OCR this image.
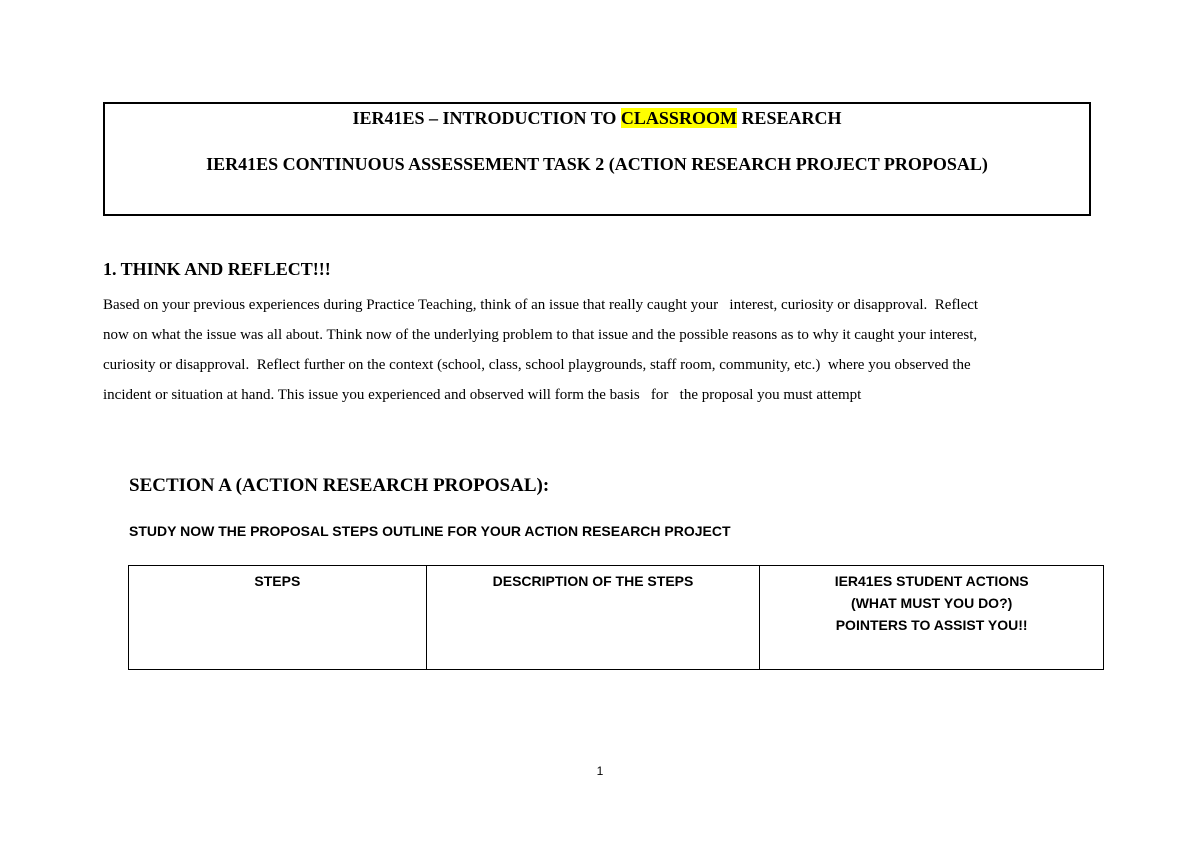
IER41ES – INTRODUCTION TO CLASSROOM RESEARCH
IER41ES CONTINUOUS ASSESSEMENT TASK 2 (ACTION RESEARCH PROJECT PROPOSAL)
1. THINK AND REFLECT!!!
Based on your previous experiences during Practice Teaching, think of an issue that really caught your   interest, curiosity or disapproval.  Reflect
now on what the issue was all about. Think now of the underlying problem to that issue and the possible reasons as to why it caught your interest,
curiosity or disapproval.  Reflect further on the context (school, class, school playgrounds, staff room, community, etc.)  where you observed the
incident or situation at hand. This issue you experienced and observed will form the basis   for   the proposal you must attempt
SECTION A (ACTION RESEARCH PROPOSAL):
STUDY NOW THE PROPOSAL STEPS OUTLINE FOR YOUR ACTION RESEARCH PROJECT
STEPS	DESCRIPTION OF THE STEPS	IER41ES STUDENT ACTIONS
(WHAT MUST YOU DO?)
POINTERS TO ASSIST YOU!!
1
